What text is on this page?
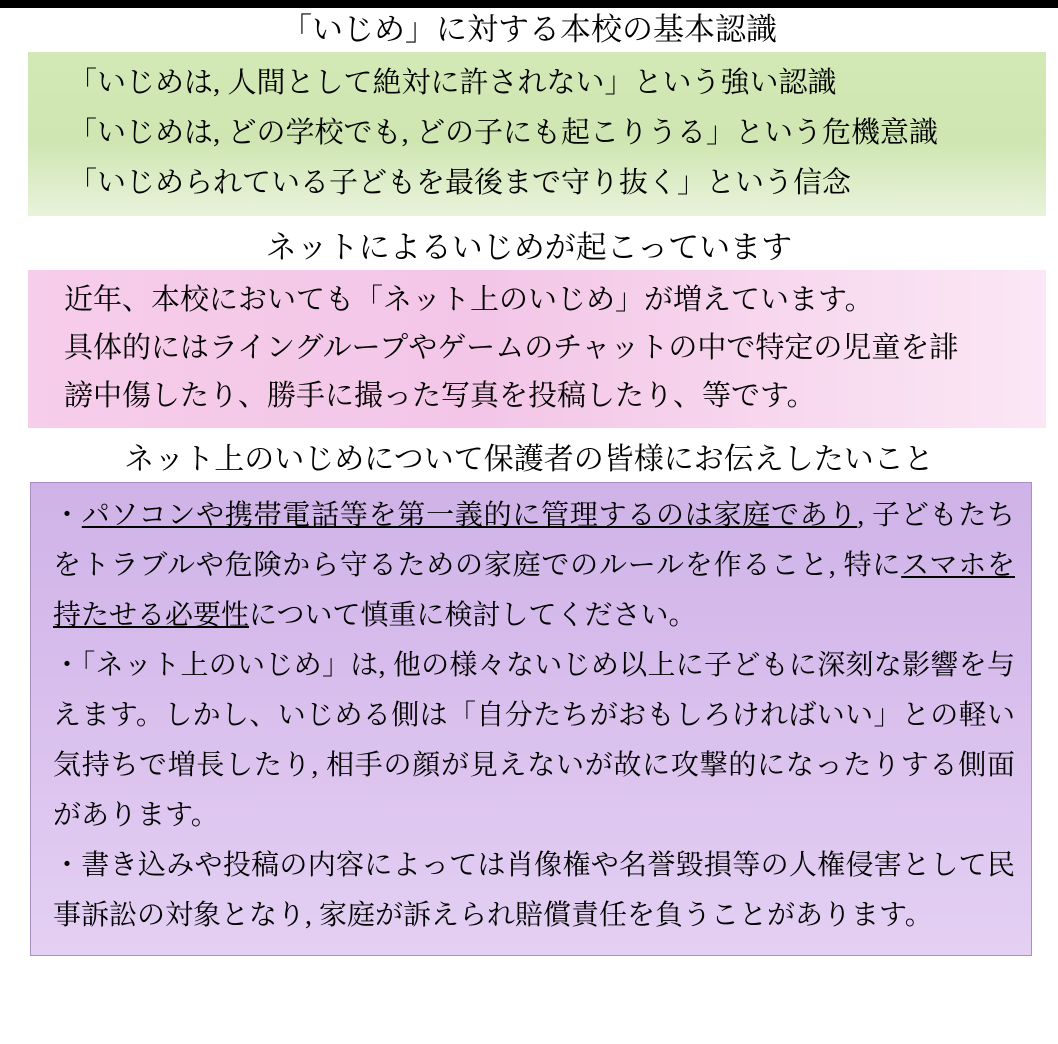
「いじめ」に対する本校の基本認識
「いじめは, 人間として絶対に許されない」という強い認識
「いじめは, どの学校でも, どの子にも起こりうる」という危機意識
「いじめられている子どもを最後まで守り抜く」という信念
ネットによるいじめが起こっています
近年、本校においても「ネット上のいじめ」が増えています。
具体的にはライングループやゲームのチャットの中で特定の児童を誹
謗中傷したり、勝手に撮った写真を投稿したり、等です。
ネット上のいじめについて保護者の皆様にお伝えしたいこと
・パソコンや携帯電話等を第一義的に管理するのは家庭であり, 子どもたちをトラブルや危険から守るための家庭でのルールを作ること, 特にスマホを持たせる必要性について慎重に検討してください。
・「ネット上のいじめ」は, 他の様々ないじめ以上に子どもに深刻な影響を与えます。しかし、いじめる側は「自分たちがおもしろければいい」との軽い気持ちで増長したり, 相手の顔が見えないが故に攻撃的になったりする側面があります。
・書き込みや投稿の内容によっては肖像権や名誉毀損等の人権侵害として民事訴訟の対象となり, 家庭が訴えられ賠償責任を負うことがあります。
